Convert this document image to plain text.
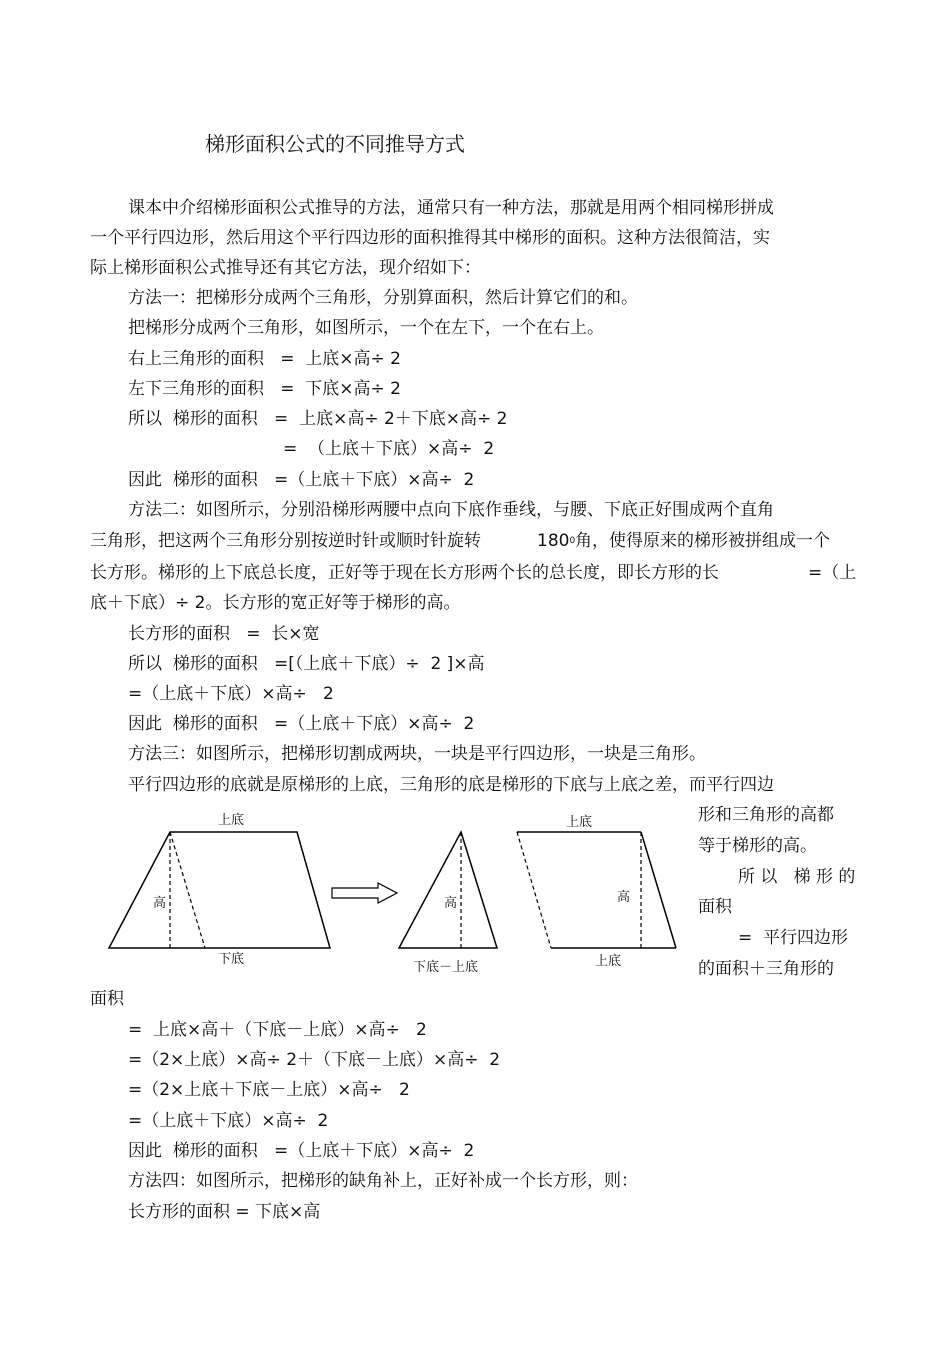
梯形面积公式的不同推导方式
课本中介绍梯形面积公式推导的方法，通常只有一种方法，那就是用两个相同梯形拼成
一个平行四边形，然后用这个平行四边形的面积推得其中梯形的面积。这种方法很简洁，实
际上梯形面积公式推导还有其它方法，现介绍如下：
方法一：把梯形分成两个三角形，分别算面积，然后计算它们的和。
把梯形分成两个三角形，如图所示，一个在左下，一个在右上。
右上三角形的面积   =  上底×高÷ 2
左下三角形的面积   =  下底×高÷ 2
所以  梯形的面积   =  上底×高÷ 2＋下底×高÷ 2
=  （上底＋下底）×高÷  2
因此  梯形的面积   =（上底＋下底）×高÷  2
方法二：如图所示，分别沿梯形两腰中点向下底作垂线，与腰、下底正好围成两个直角
三角形，把这两个三角形分别按逆时针或顺时针旋转	$180^0$ 角，使得原来的梯形被拼组成一个
长方形。梯形的上下底总长度，正好等于现在长方形两个长的总长度，即长方形的长	=（上
底＋下底）÷ 2。长方形的宽正好等于梯形的高。
长方形的面积   =  长×宽
所以  梯形的面积   =[（上底＋下底）÷  2 ]×高
=（上底＋下底）×高÷   2
因此  梯形的面积   =（上底＋下底）×高÷  2
方法三：如图所示，把梯形切割成两块，一块是平行四边形，一块是三角形。
平行四边形的底就是原梯形的上底，三角形的底是梯形的下底与上底之差，而平行四边
形和三角形的高都
等于梯形的高。
所 以   梯 形 的
面积
=  平行四边形
的面积＋三角形的
面积
上底
高
下底
高
下底－上底
上底
高
上底
=  上底×高＋（下底－上底）×高÷   2
=（2×上底）×高÷ 2＋（下底－上底）×高÷  2
=（2×上底＋下底－上底）×高÷   2
=（上底＋下底）×高÷  2
因此  梯形的面积   =（上底＋下底）×高÷  2
方法四：如图所示，把梯形的缺角补上，正好补成一个长方形，则：
长方形的面积 = 下底×高
